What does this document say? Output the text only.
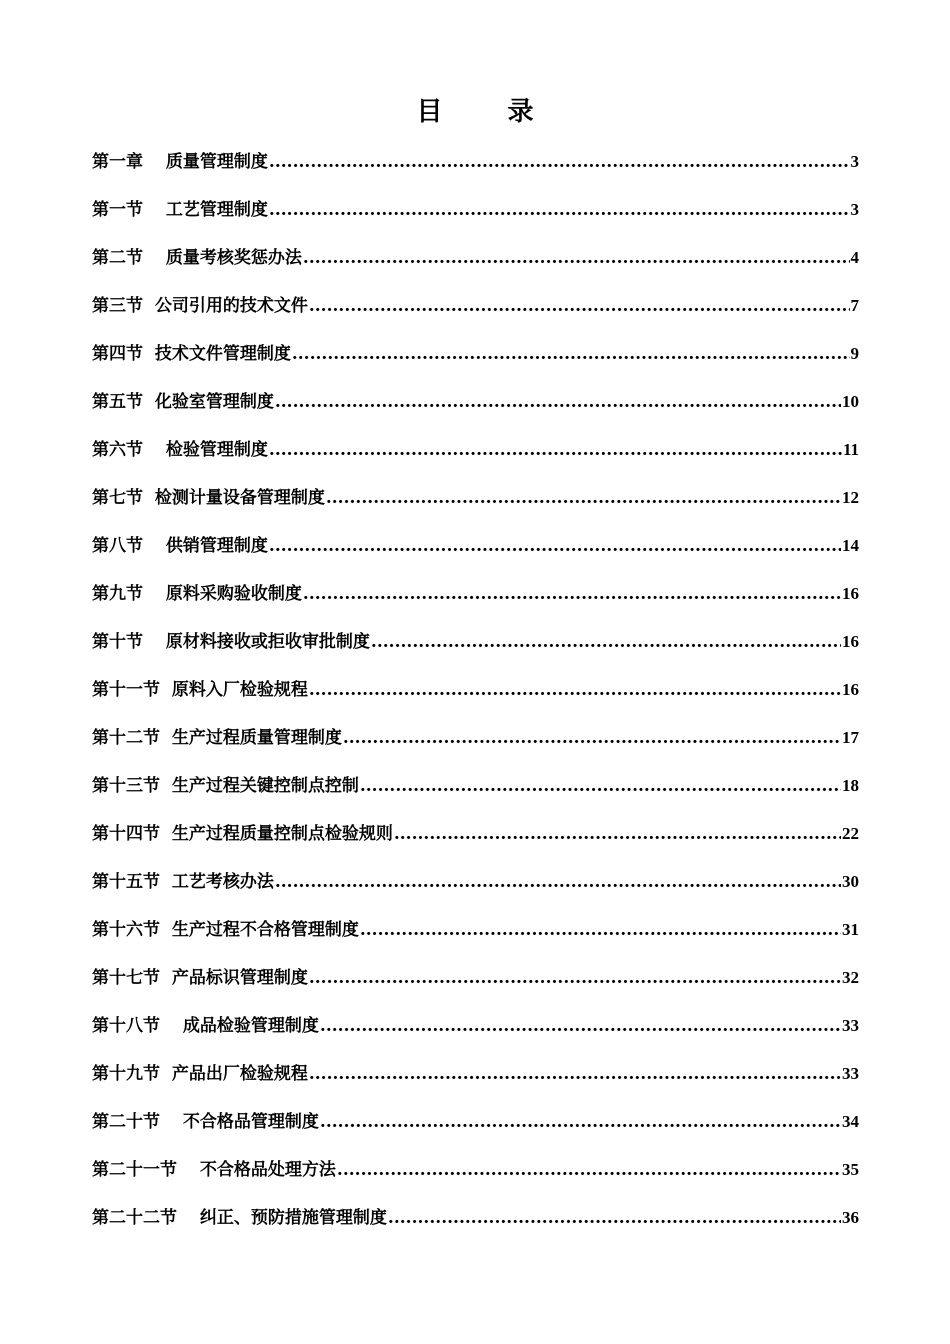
目 录
第一章　 质量管理制度 .....	3
第一节　 工艺管理制度 .....	3
第二节　 质量考核奖惩办法 .....	4
第三节  公司引用的技术文件 .....	7
第四节  技术文件管理制度 .....	9
第五节  化验室管理制度 .....	10
第六节　 检验管理制度 .....	11
第七节  检测计量设备管理制度 .....	12
第八节　 供销管理制度 .....	14
第九节　 原料采购验收制度 .....	16
第十节　 原材料接收或拒收审批制度 .....	16
第十一节  原料入厂检验规程 .....	16
第十二节  生产过程质量管理制度 .....	17
第十三节  生产过程关键控制点控制 .....	18
第十四节  生产过程质量控制点检验规则 .....	22
第十五节  工艺考核办法 .....	30
第十六节  生产过程不合格管理制度 .....	31
第十七节  产品标识管理制度 .....	32
第十八节　 成品检验管理制度 .....	33
第十九节  产品出厂检验规程 .....	33
第二十节　 不合格品管理制度 .....	34
第二十一节　 不合格品处理方法 .....	35
第二十二节　 纠正、预防措施管理制度 .....	36
